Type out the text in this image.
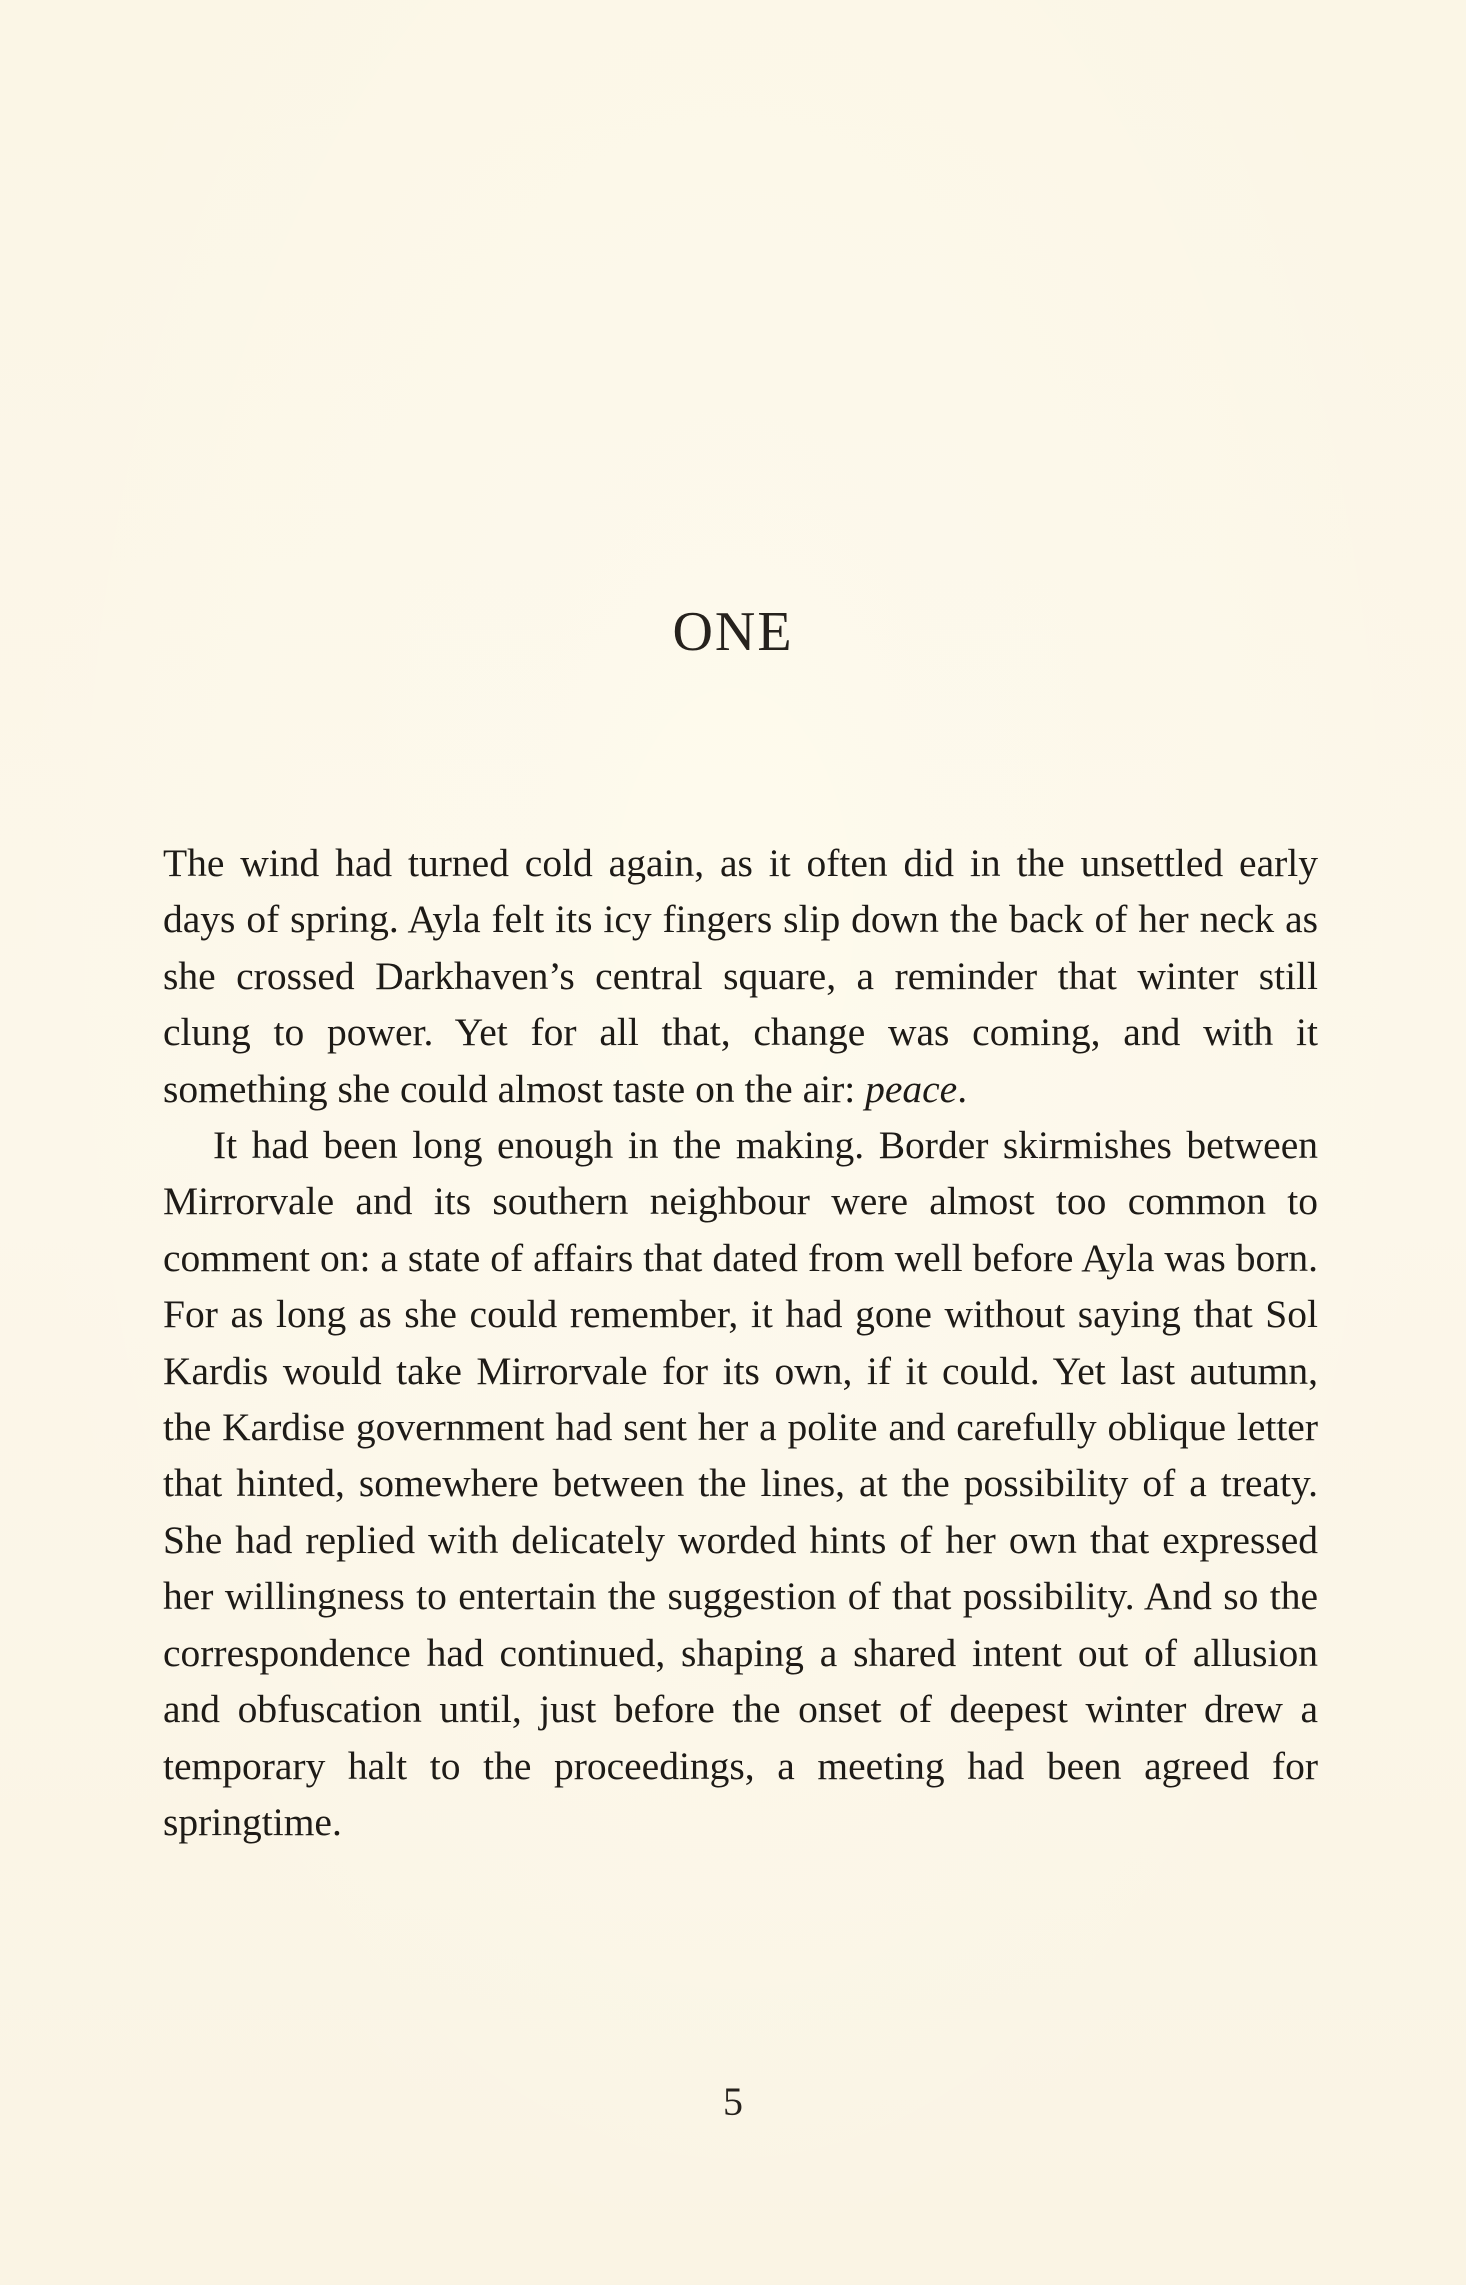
ONE

The wind had turned cold again, as it often did in the unsettled early days of spring. Ayla felt its icy fingers slip down the back of her neck as she crossed Darkhaven’s central square, a reminder that winter still clung to power. Yet for all that, change was coming, and with it something she could almost taste on the air: peace.

It had been long enough in the making. Border skirmishes between Mirrorvale and its southern neighbour were almost too common to comment on: a state of affairs that dated from well before Ayla was born. For as long as she could remember, it had gone without saying that Sol Kardis would take Mirrorvale for its own, if it could. Yet last autumn, the Kardise government had sent her a polite and carefully oblique letter that hinted, somewhere between the lines, at the possibility of a treaty. She had replied with delicately worded hints of her own that expressed her willingness to entertain the suggestion of that possibility. And so the correspondence had continued, shaping a shared intent out of allusion and obfuscation until, just before the onset of deepest winter drew a temporary halt to the proceedings, a meeting had been agreed for springtime.

5
